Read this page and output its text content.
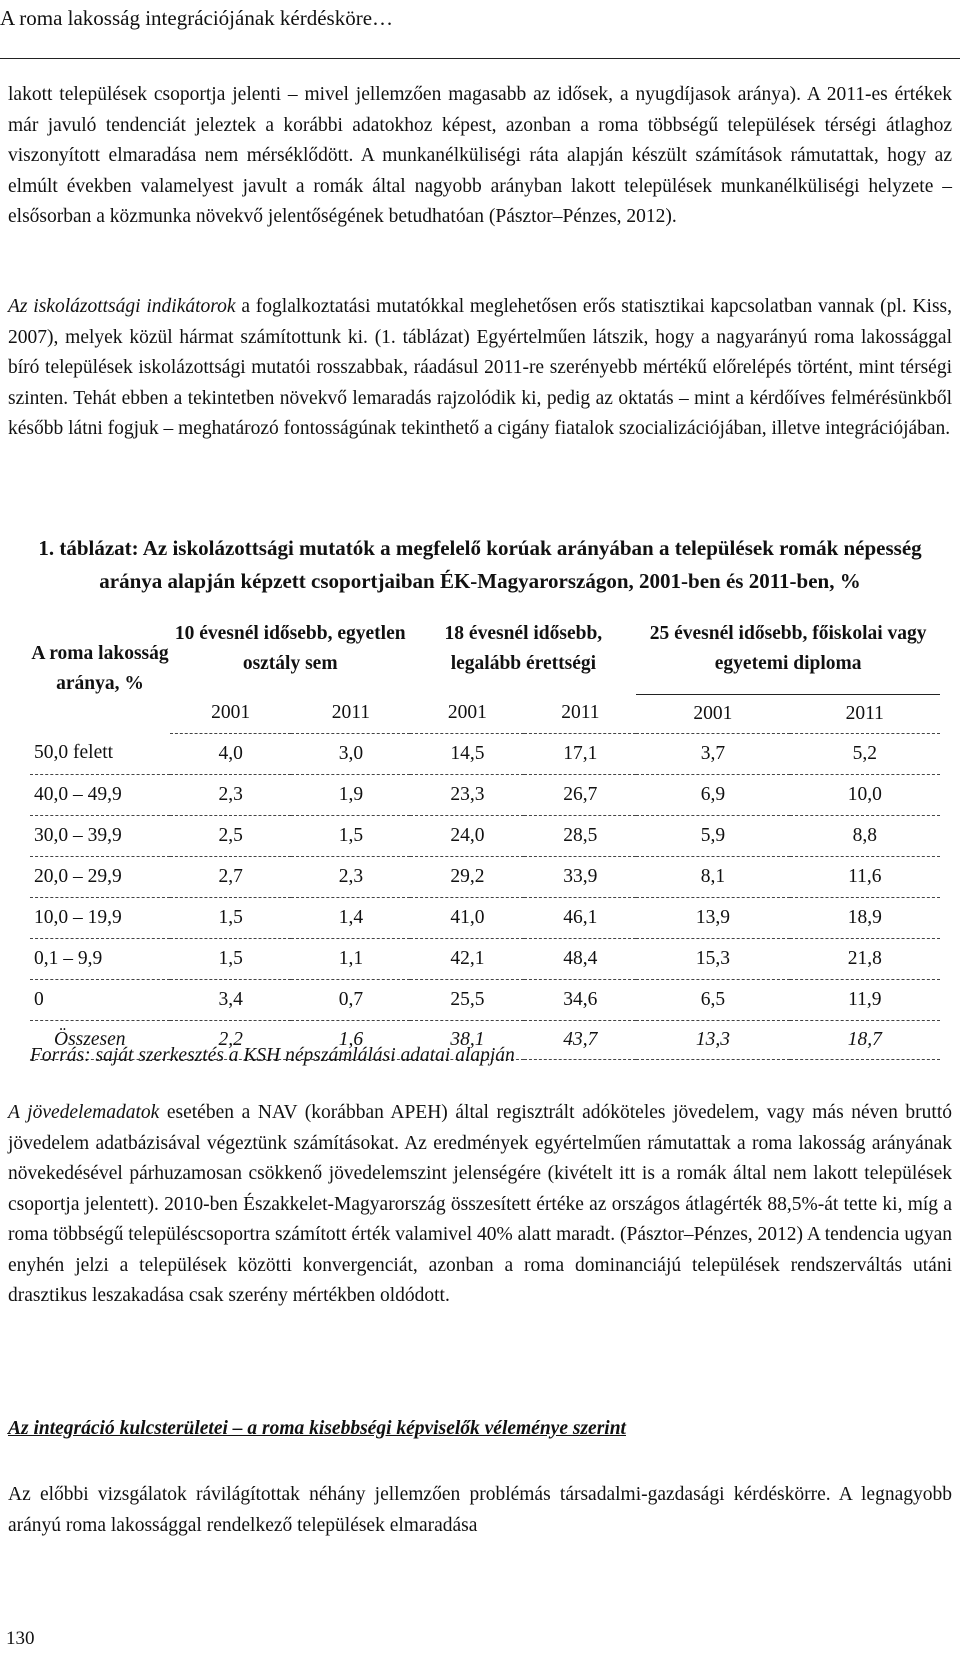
A roma lakosság integrációjának kérdésköre…

lakott települések csoportja jelenti – mivel jellemzően magasabb az idősek, a nyugdíjasok aránya). A 2011-es értékek már javuló tendenciát jeleztek a korábbi adatokhoz képest, azonban a roma többségű települések térségi átlaghoz viszonyított elmaradása nem mérséklődött. A munkanélküliségi ráta alapján készült számítások rámutattak, hogy az elmúlt években valamelyest javult a romák által nagyobb arányban lakott települések munkanélküliségi helyzete – elsősorban a közmunka növekvő jelentőségének betudhatóan (Pásztor–Pénzes, 2012).

Az iskolázottsági indikátorok a foglalkoztatási mutatókkal meglehetősen erős statisztikai kapcsolatban vannak (pl. Kiss, 2007), melyek közül hármat számítottunk ki. (1. táblázat) Egyértelműen látszik, hogy a nagyarányú roma lakossággal bíró települések iskolázottsági mutatói rosszabbak, ráadásul 2011-re szerényebb mértékű előrelépés történt, mint térségi szinten. Tehát ebben a tekintetben növekvő lemaradás rajzolódik ki, pedig az oktatás – mint a kérdőíves felmérésünkből később látni fogjuk – meghatározó fontosságúnak tekinthető a cigány fiatalok szocializációjában, illetve integrációjában.

1. táblázat: Az iskolázottsági mutatók a megfelelő korúak arányában a települések romák népesség aránya alapján képzett csoportjaiban ÉK-Magyarországon, 2001-ben és 2011-ben, %
A roma lakosság aránya, %	10 évesnél idősebb, egyetlen osztály sem		18 évesnél idősebb, legalább érettségi		25 évesnél idősebb, főiskolai vagy egyetemi diploma	
	2001	2011	2001	2011	2001	2011
50,0 felett	4,0	3,0	14,5	17,1	3,7	5,2
40,0 – 49,9	2,3	1,9	23,3	26,7	6,9	10,0
30,0 – 39,9	2,5	1,5	24,0	28,5	5,9	8,8
20,0 – 29,9	2,7	2,3	29,2	33,9	8,1	11,6
10,0 – 19,9	1,5	1,4	41,0	46,1	13,9	18,9
0,1 – 9,9	1,5	1,1	42,1	48,4	15,3	21,8
0	3,4	0,7	25,5	34,6	6,5	11,9
Összesen	2,2	1,6	38,1	43,7	13,3	18,7
Forrás: saját szerkesztés a KSH népszámlálási adatai alapján

A jövedelemadatok esetében a NAV (korábban APEH) által regisztrált adóköteles jövedelem, vagy más néven bruttó jövedelem adatbázisával végeztünk számításokat. Az eredmények egyértelműen rámutattak a roma lakosság arányának növekedésével párhuzamosan csökkenő jövedelemszint jelenségére (kivételt itt is a romák által nem lakott települések csoportja jelentett). 2010-ben Északkelet-Magyarország összesített értéke az országos átlagérték 88,5%-át tette ki, míg a roma többségű településcsoportra számított érték valamivel 40% alatt maradt. (Pásztor–Pénzes, 2012) A tendencia ugyan enyhén jelzi a települések közötti konvergenciát, azonban a roma dominanciájú települések rendszerváltás utáni drasztikus leszakadása csak szerény mértékben oldódott.

Az integráció kulcsterületei – a roma kisebbségi képviselők véleménye szerint

Az előbbi vizsgálatok rávilágítottak néhány jellemzően problémás társadalmi-gazdasági kérdéskörre. A legnagyobb arányú roma lakossággal rendelkező települések elmaradása

130
